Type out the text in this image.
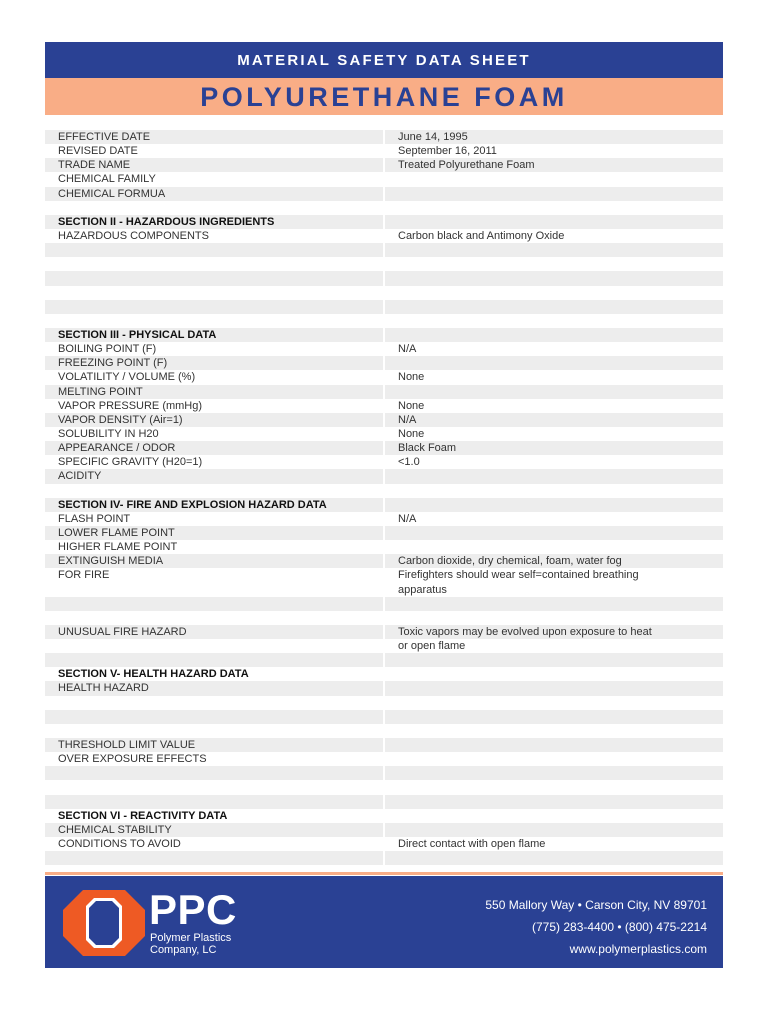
MATERIAL SAFETY DATA SHEET
POLYURETHANE FOAM
EFFECTIVE DATE	June 14, 1995
REVISED DATE	September 16, 2011
TRADE NAME	Treated Polyurethane Foam
CHEMICAL FAMILY
CHEMICAL FORMUA
SECTION II - HAZARDOUS INGREDIENTS
HAZARDOUS COMPONENTS	Carbon black and Antimony Oxide
SECTION III - PHYSICAL DATA
BOILING POINT (F)	N/A
FREEZING POINT (F)
VOLATILITY / VOLUME (%)	None
MELTING POINT
VAPOR PRESSURE (mmHg)	None
VAPOR DENSITY (Air=1)	N/A
SOLUBILITY IN H20	None
APPEARANCE / ODOR	Black Foam
SPECIFIC GRAVITY (H20=1)	<1.0
ACIDITY
SECTION IV- FIRE AND EXPLOSION HAZARD DATA
FLASH POINT	N/A
LOWER FLAME POINT
HIGHER FLAME POINT
EXTINGUISH MEDIA	Carbon dioxide, dry chemical, foam, water fog
FOR FIRE	Firefighters should wear self=contained breathing
apparatus
UNUSUAL FIRE HAZARD	Toxic vapors may be evolved upon exposure to heat
or open flame
SECTION V- HEALTH HAZARD DATA
HEALTH HAZARD
THRESHOLD LIMIT VALUE
OVER EXPOSURE EFFECTS
SECTION VI - REACTIVITY DATA
CHEMICAL STABILITY
CONDITIONS TO AVOID	Direct contact with open flame
PPC
Polymer Plastics
Company, LC
550 Mallory Way • Carson City, NV 89701
(775) 283-4400 • (800) 475-2214
www.polymerplastics.com
